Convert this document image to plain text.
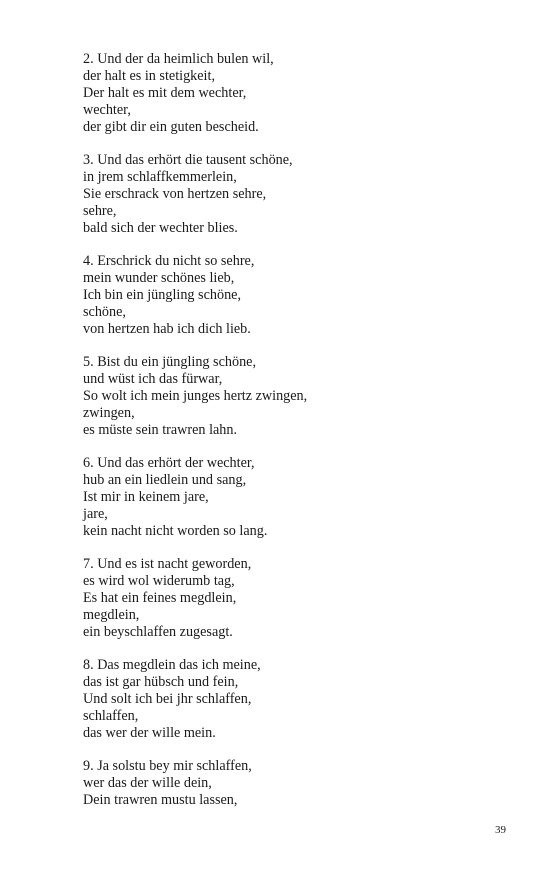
2. Und der da heimlich bulen wil,
der halt es in stetigkeit,
Der halt es mit dem wechter,
wechter,
der gibt dir ein guten bescheid.
3. Und das erhört die tausent schöne,
in jrem schlaffkemmerlein,
Sie erschrack von hertzen sehre,
sehre,
bald sich der wechter blies.
4. Erschrick du nicht so sehre,
mein wunder schönes lieb,
Ich bin ein jüngling schöne,
schöne,
von hertzen hab ich dich lieb.
5. Bist du ein jüngling schöne,
und wüst ich das fürwar,
So wolt ich mein junges hertz zwingen,
zwingen,
es müste sein trawren lahn.
6. Und das erhört der wechter,
hub an ein liedlein und sang,
Ist mir in keinem jare,
jare,
kein nacht nicht worden so lang.
7. Und es ist nacht geworden,
es wird wol widerumb tag,
Es hat ein feines megdlein,
megdlein,
ein beyschlaffen zugesagt.
8. Das megdlein das ich meine,
das ist gar hübsch und fein,
Und solt ich bei jhr schlaffen,
schlaffen,
das wer der wille mein.
9. Ja solstu bey mir schlaffen,
wer das der wille dein,
Dein trawren mustu lassen,
39
